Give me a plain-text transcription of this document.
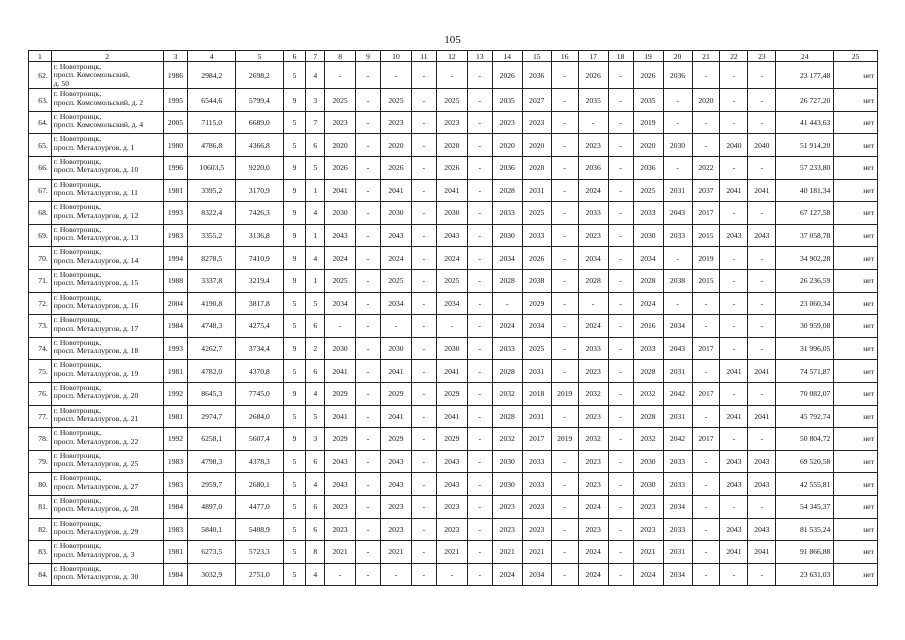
105
1	2	3	4	5	6	7	8	9	10	11	12	13	14	15	16	17	18	19	20	21	22	23	24	25
62.	г. Новотроицк,
просп. Комсомольский,
д. 50	1986	2984,2	2698,2	5	4	-	-	-	-	-	-	2026	2036	-	2026	-	2026	2036	-	-	-	23 177,48	нет
63.	г. Новотроицк,
просп. Комсомольский, д. 2	1995	6544,6	5799,4	9	3	2025	-	2025	-	2025	-	2035	2027	-	2035	-	2035	-	2020	-	-	26 727,20	нет
64.	г. Новотроицк,
просп. Комсомольский, д. 4	2005	7115,0	6689,0	5	7	2023	-	2023	-	2023	-	2023	2023	-	-	-	2019	-	-	-	-	41 443,63	нет
65.	г. Новотроицк,
просп. Металлургов, д. 1	1980	4786,8	4366,8	5	6	2020	-	2020	-	2020	-	2020	2020	-	2023	-	2020	2030	-	2040	2040	51 914,20	нет
66.	г. Новотроицк,
просп. Металлургов, д. 10	1996	10603,5	9220,0	9	5	2026	-	2026	-	2026	-	2036	2028	-	2036	-	2036	-	2022	-	-	57 233,80	нет
67.	г. Новотроицк,
просп. Металлургов, д. 11	1981	3395,2	3170,9	9	1	2041	-	2041	-	2041	-	2028	2031	-	2024	-	2025	2031	2037	2041	2041	40 181,34	нет
68.	г. Новотроицк,
просп. Металлургов, д. 12	1993	8322,4	7426,3	9	4	2030	-	2030	-	2030	-	2033	2025	-	2033	-	2033	2043	2017	-	-	67 127,58	нет
69.	г. Новотроицк,
просп. Металлургов, д. 13	1983	3355,2	3136,8	9	1	2043	-	2043	-	2043	-	2030	2033	-	2023	-	2030	2033	2015	2043	2043	37 058,78	нет
70.	г. Новотроицк,
просп. Металлургов, д. 14	1994	8278,5	7410,9	9	4	2024	-	2024	-	2024	-	2034	2026	-	2034	-	2034	-	2019	-	-	34 902,28	нет
71.	г. Новотроицк,
просп. Металлургов, д. 15	1988	3337,8	3219,4	9	1	2025	-	2025	-	2025	-	2028	2038	-	2028	-	2028	2038	2015	-	-	26 236,59	нет
72.	г. Новотроицк,
просп. Металлургов, д. 16	2004	4190,8	3817,8	5	5	2034	-	2034	-	2034	-	-	2029	-	-	-	2024	-	-	-	-	23 060,34	нет
73.	г. Новотроицк,
просп. Металлургов, д. 17	1984	4748,3	4275,4	5	6	-	-	-	-	-	-	2024	2034	-	2024	-	2016	2034	-	-	-	30 959,08	нет
74.	г. Новотроицк,
просп. Металлургов, д. 18	1993	4262,7	3734,4	9	2	2030	-	2030	-	2030	-	2033	2025	-	2033	-	2033	2043	2017	-	-	31 996,05	нет
75.	г. Новотроицк,
просп. Металлургов, д. 19	1981	4782,0	4370,8	5	6	2041	-	2041	-	2041	-	2028	2031	-	2023	-	2028	2031	-	2041	2041	74 571,87	нет
76.	г. Новотроицк,
просп. Металлургов, д. 20	1992	8645,3	7745,0	9	4	2029	-	2029	-	2029	-	2032	2018	2019	2032	-	2032	2042	2017	-	-	70 082,07	нет
77.	г. Новотроицк,
просп. Металлургов, д. 21	1981	2974,7	2684,0	5	5	2041	-	2041	-	2041	-	2028	2031	-	2023	-	2028	2031	-	2041	2041	45 792,74	нет
78.	г. Новотроицк,
просп. Металлургов, д. 22	1992	6258,1	5607,4	9	3	2029	-	2029	-	2029	-	2032	2017	2019	2032	-	2032	2042	2017	-	-	50 804,72	нет
79.	г. Новотроицк,
просп. Металлургов, д. 25	1983	4798,3	4378,3	5	6	2043	-	2043	-	2043	-	2030	2033	-	2023	-	2030	2033	-	2043	2043	69 520,58	нет
80.	г. Новотроицк,
просп. Металлургов, д. 27	1983	2959,7	2680,1	5	4	2043	-	2043	-	2043	-	2030	2033	-	2023	-	2030	2033	-	2043	2043	42 555,81	нет
81.	г. Новотроицк,
просп. Металлургов, д. 28	1984	4897,0	4477,0	5	6	2023	-	2023	-	2023	-	2023	2023	-	2024	-	2023	2034	-	-	-	54 345,37	нет
82.	г. Новотроицк,
просп. Металлургов, д. 29	1983	5840,1	5408,9	5	6	2023	-	2023	-	2023	-	2023	2023	-	2023	-	2023	2033	-	2043	2043	81 535,24	нет
83.	г. Новотроицк,
просп. Металлургов, д. 3	1981	6273,5	5723,3	5	8	2021	-	2021	-	2021	-	2021	2021	-	2024	-	2021	2031	-	2041	2041	91 866,88	нет
84.	г. Новотроицк,
просп. Металлургов, д. 30	1984	3032,9	2751,0	5	4	-	-	-	-	-	-	2024	2034	-	2024	-	2024	2034	-	-	-	23 631,03	нет
